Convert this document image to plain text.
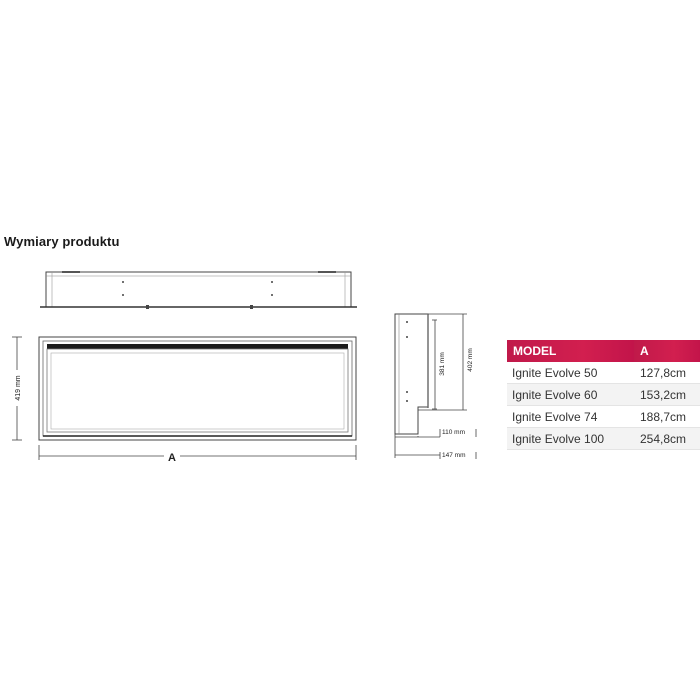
Wymiary produktu
419 mm
A
381 mm	402 mm
110 mm
147 mm
MODEL	A
Ignite Evolve 50	127,8cm
Ignite Evolve 60	153,2cm
Ignite Evolve 74	188,7cm
Ignite Evolve 100	254,8cm
